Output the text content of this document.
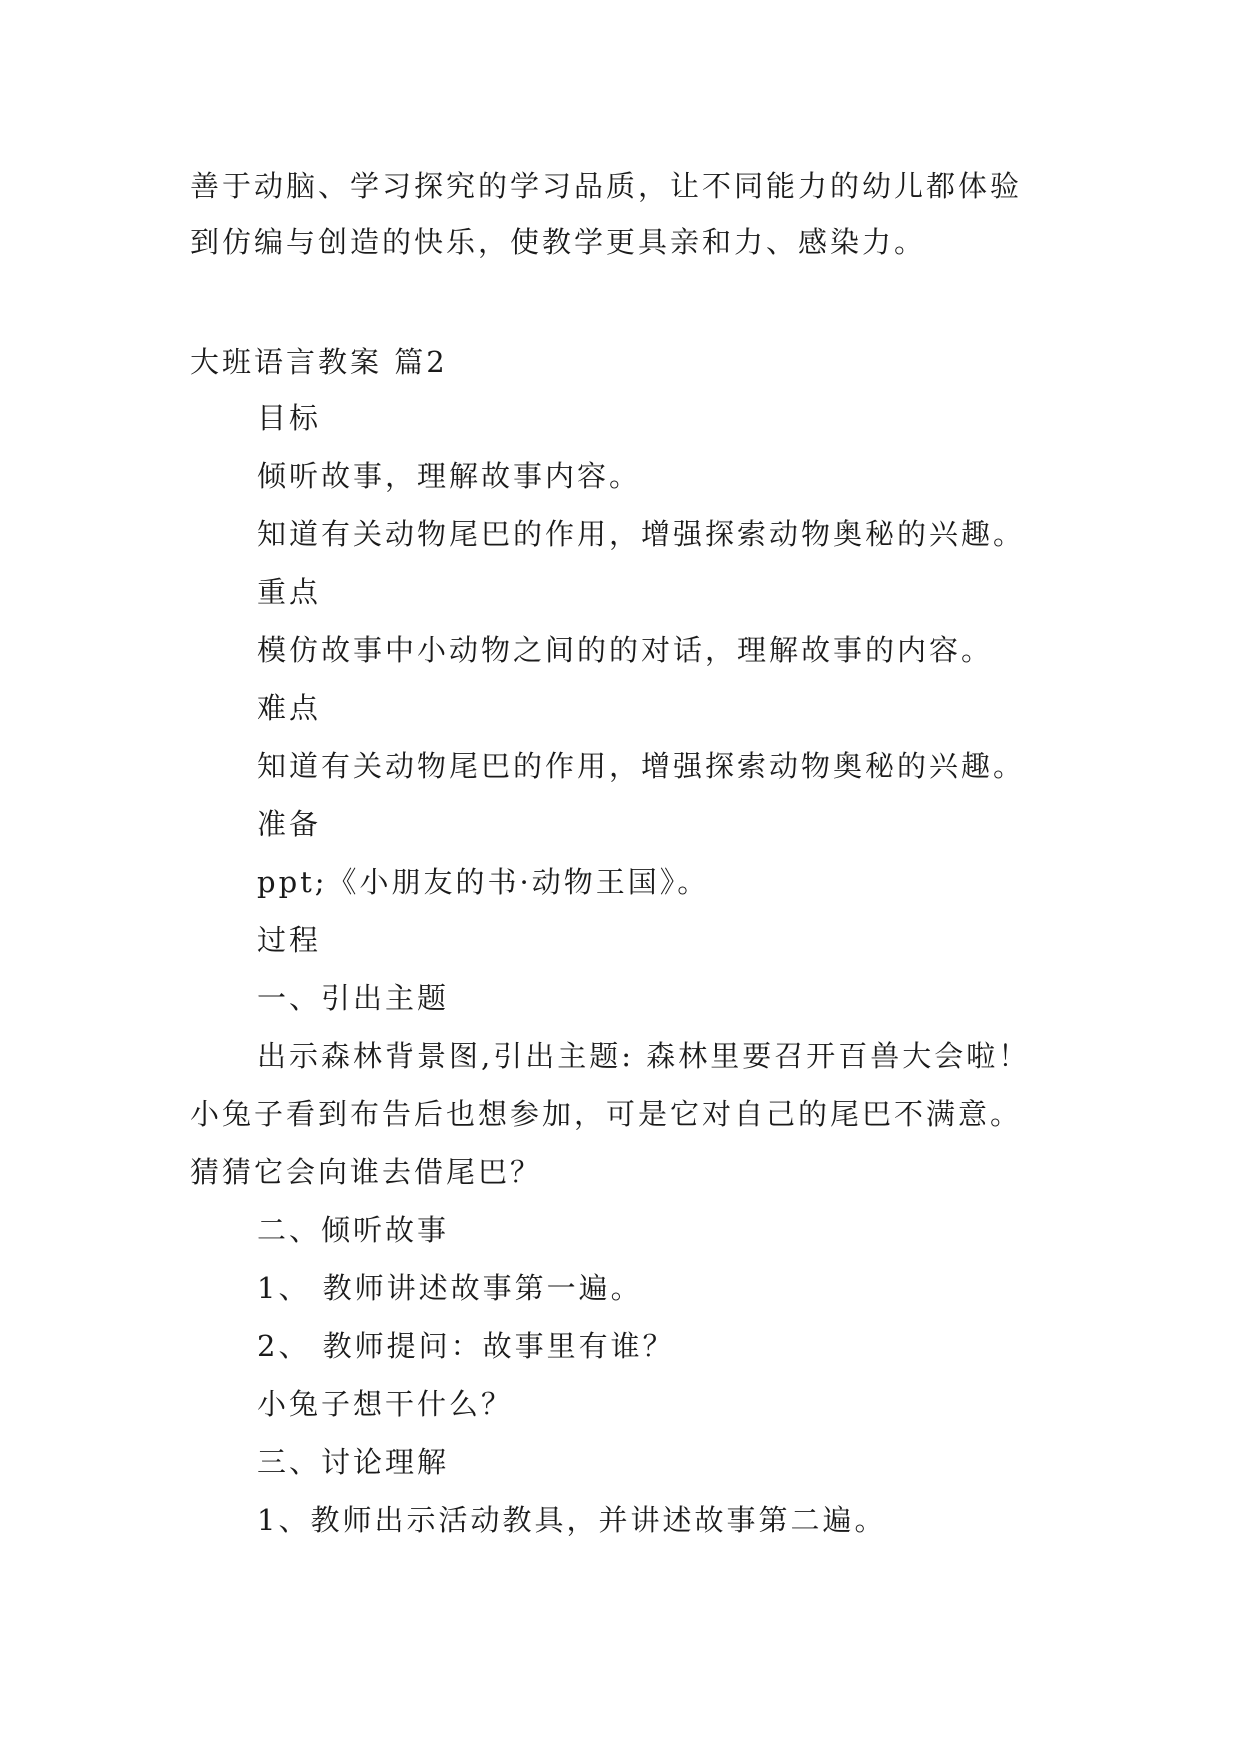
善于动脑、学习探究的学习品质，让不同能力的幼儿都体验
到仿编与创造的快乐，使教学更具亲和力、感染力。
大班语言教案 篇2
目标
倾听故事，理解故事内容。
知道有关动物尾巴的作用，增强探索动物奥秘的兴趣。
重点
模仿故事中小动物之间的的对话，理解故事的内容。
难点
知道有关动物尾巴的作用，增强探索动物奥秘的兴趣。
准备
ppt;《小朋友的书·动物王国》。
过程
一、引出主题
出示森林背景图,引出主题: 森林里要召开百兽大会啦！
小兔子看到布告后也想参加，可是它对自己的尾巴不满意。
猜猜它会向谁去借尾巴？
二、倾听故事
1、 教师讲述故事第一遍。
2、 教师提问：故事里有谁？
小兔子想干什么？
三、讨论理解
1、教师出示活动教具，并讲述故事第二遍。
